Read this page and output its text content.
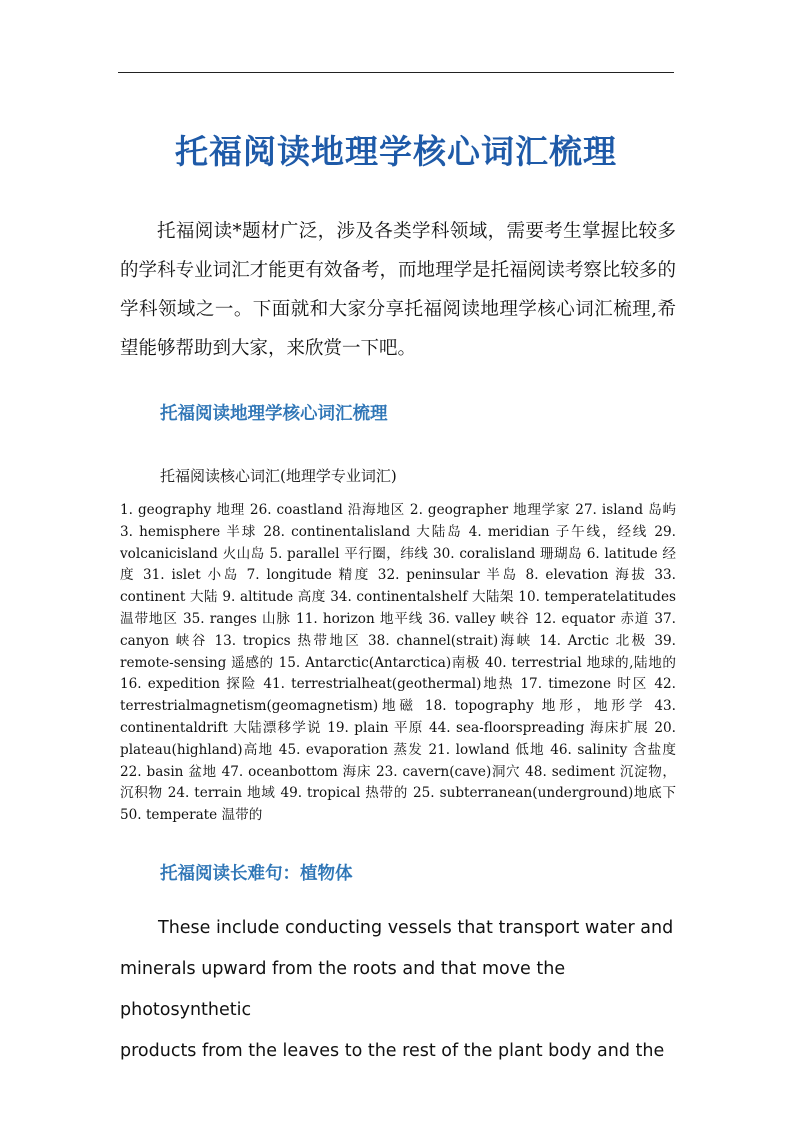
托福阅读地理学核心词汇梳理

托福阅读*题材广泛，涉及各类学科领域，需要考生掌握比较多的学科专业词汇才能更有效备考，而地理学是托福阅读考察比较多的学科领域之一。下面就和大家分享托福阅读地理学核心词汇梳理,希望能够帮助到大家，来欣赏一下吧。

托福阅读地理学核心词汇梳理

托福阅读核心词汇(地理学专业词汇)

1. geography 地理 26. coastland 沿海地区 2. geographer 地理学家 27. island 岛屿 3. hemisphere 半球 28. continentalisland 大陆岛 4. meridian 子午线，经线 29. volcanicisland 火山岛 5. parallel 平行圈，纬线 30. coralisland 珊瑚岛 6. latitude 经度 31. islet 小岛 7. longitude 精度 32. peninsular 半岛 8. elevation 海拔 33. continent 大陆 9. altitude 高度 34. continentalshelf 大陆架 10. temperatelatitudes 温带地区 35. ranges 山脉 11. horizon 地平线 36. valley 峡谷 12. equator 赤道 37. canyon 峡谷 13. tropics 热带地区 38. channel(strait)海峡 14. Arctic 北极 39. remote-sensing 遥感的 15. Antarctic(Antarctica)南极 40. terrestrial 地球的,陆地的 16. expedition 探险 41. terrestrialheat(geothermal)地热 17. timezone 时区 42. terrestrialmagnetism(geomagnetism)地磁 18. topography 地形，地形学 43. continentaldrift 大陆漂移学说 19. plain 平原 44. sea-floorspreading 海床扩展 20. plateau(highland)高地 45. evaporation 蒸发 21. lowland 低地 46. salinity 含盐度 22. basin 盆地 47. oceanbottom 海床 23. cavern(cave)洞穴 48. sediment 沉淀物，沉积物 24. terrain 地域 49. tropical 热带的 25. subterranean(underground)地底下 50. temperate 温带的

托福阅读长难句：植物体
These include conducting vessels that transport water and
minerals upward from the roots and that move the photosynthetic
products from the leaves to the rest of the plant body and the
